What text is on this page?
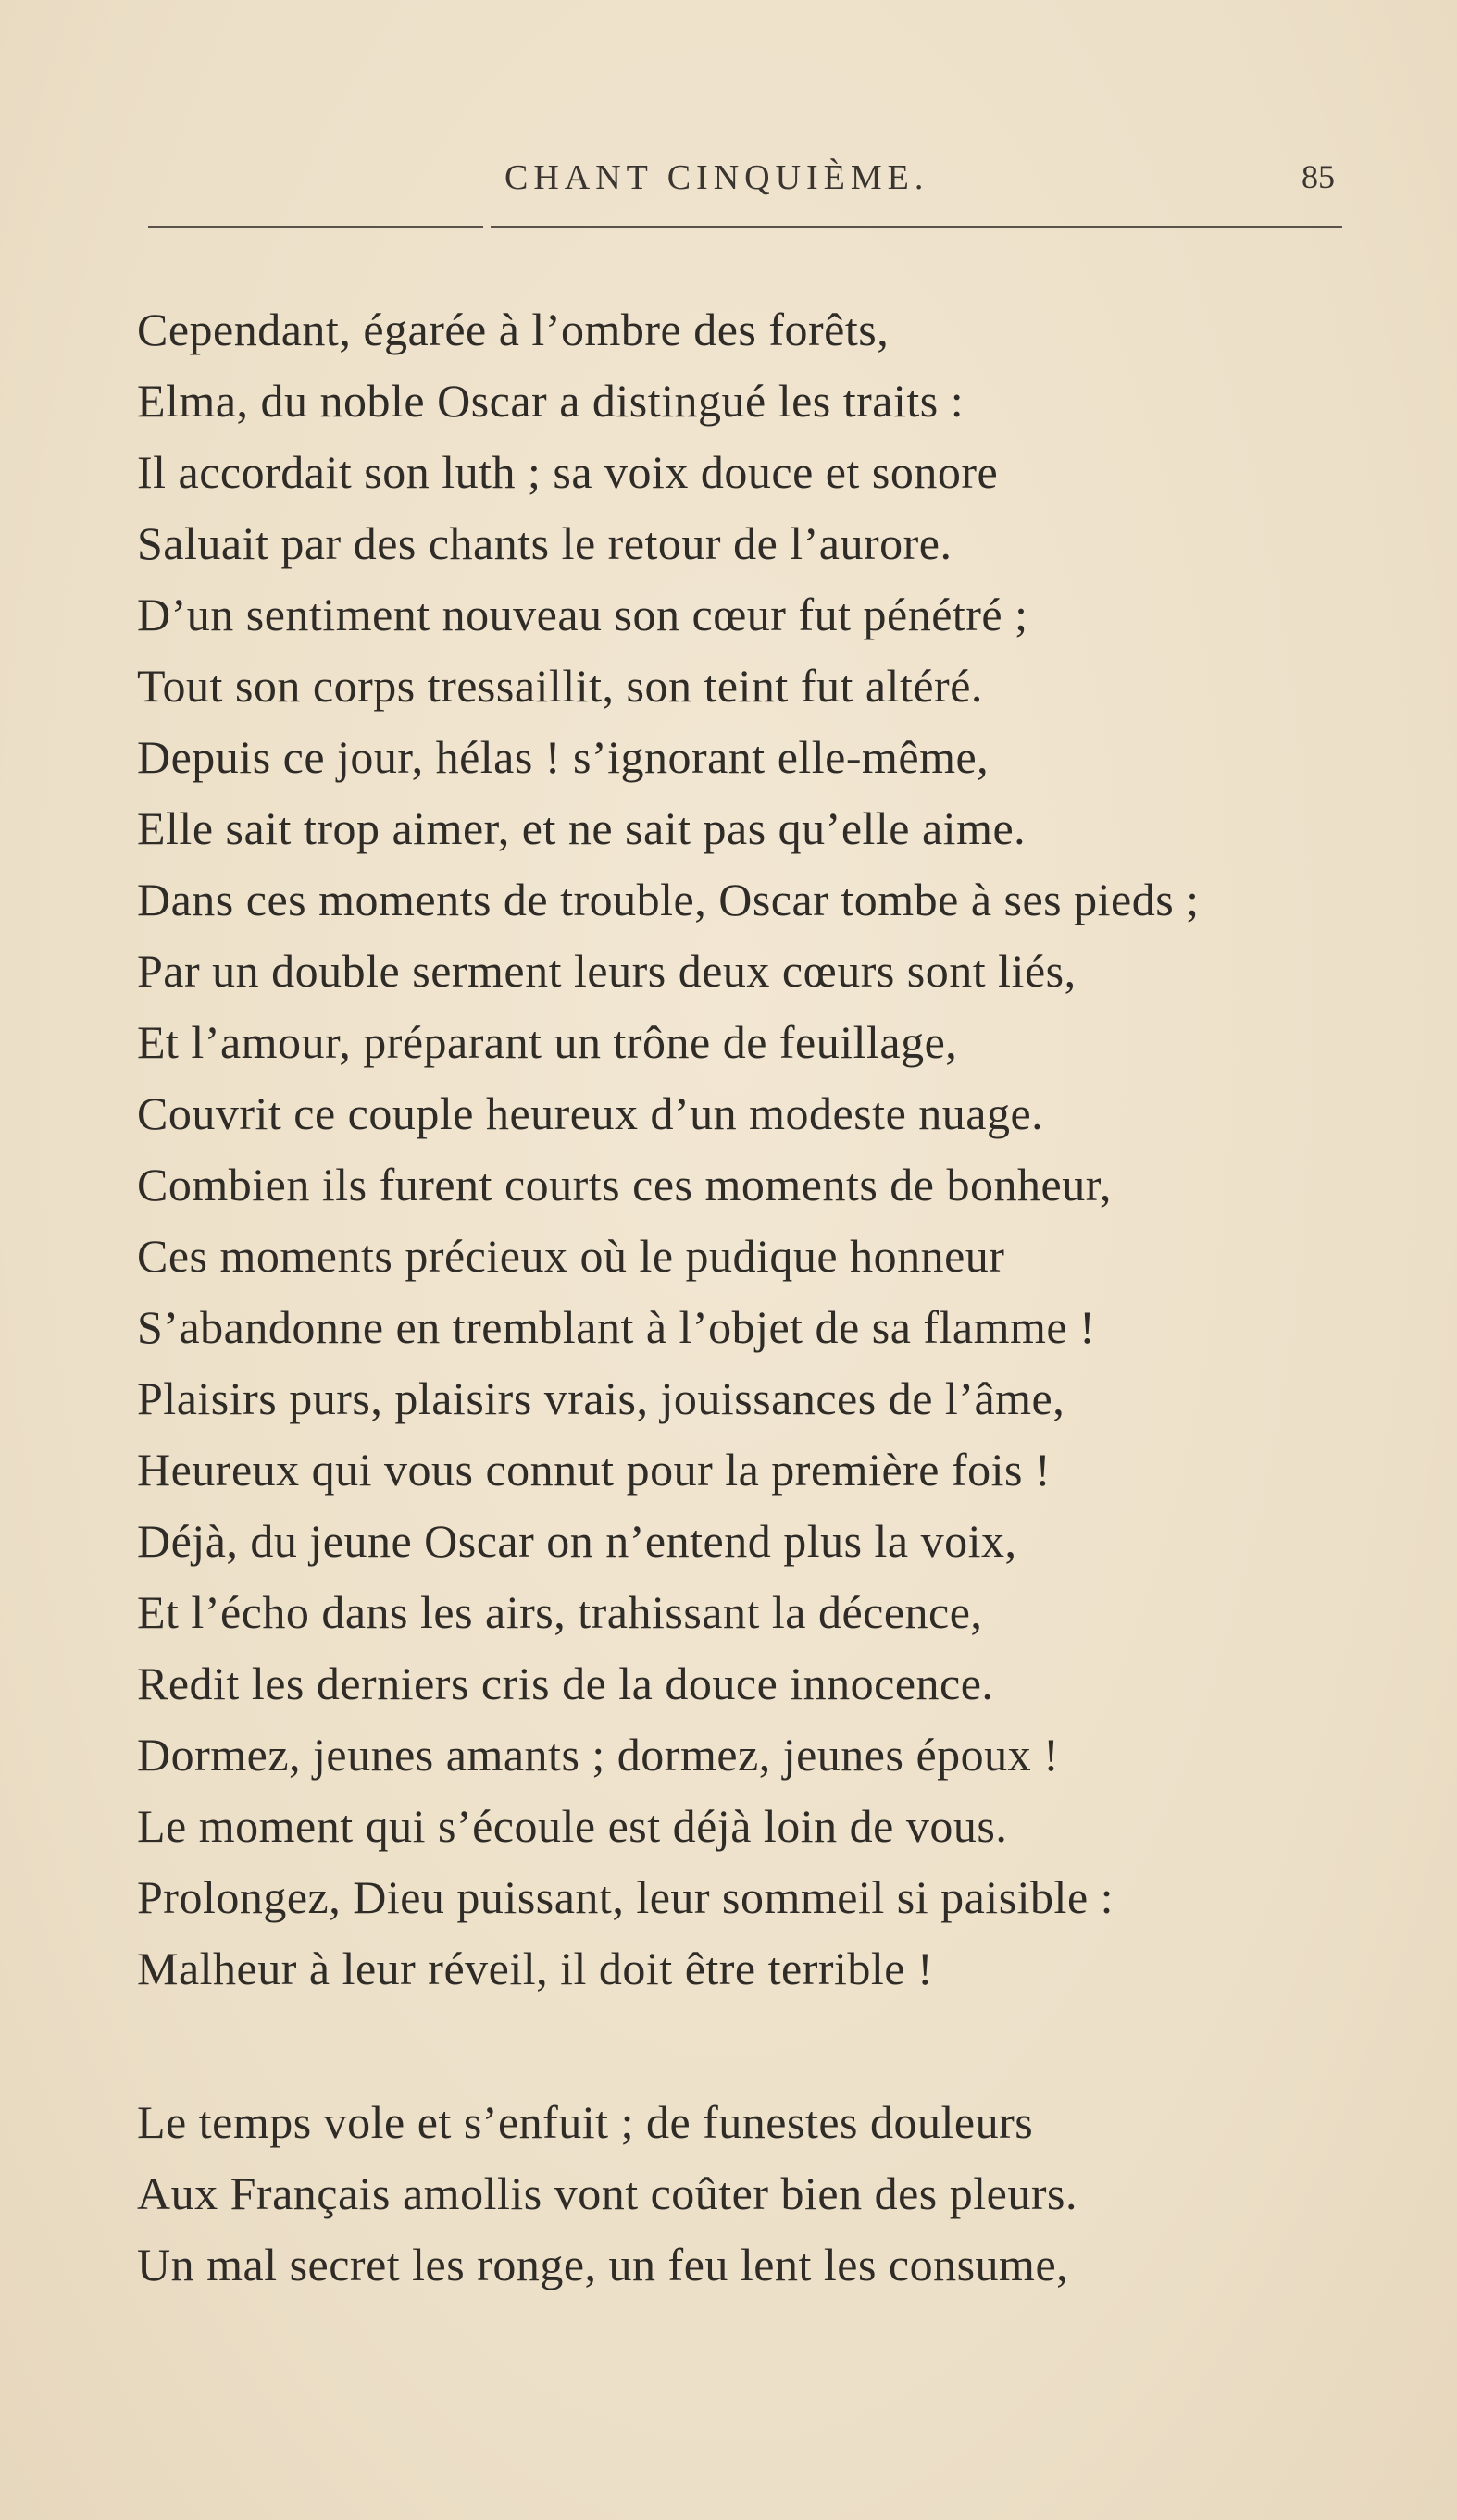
CHANT CINQUIÈME.	85
Cependant, égarée à l’ombre des forêts,
Elma, du noble Oscar a distingué les traits :
Il accordait son luth ; sa voix douce et sonore
Saluait par des chants le retour de l’aurore.
D’un sentiment nouveau son cœur fut pénétré ;
Tout son corps tressaillit, son teint fut altéré.
Depuis ce jour, hélas ! s’ignorant elle-même,
Elle sait trop aimer, et ne sait pas qu’elle aime.
Dans ces moments de trouble, Oscar tombe à ses pieds ;
Par un double serment leurs deux cœurs sont liés,
Et l’amour, préparant un trône de feuillage,
Couvrit ce couple heureux d’un modeste nuage.
Combien ils furent courts ces moments de bonheur,
Ces moments précieux où le pudique honneur
S’abandonne en tremblant à l’objet de sa flamme !
Plaisirs purs, plaisirs vrais, jouissances de l’âme,
Heureux qui vous connut pour la première fois !
Déjà, du jeune Oscar on n’entend plus la voix,
Et l’écho dans les airs, trahissant la décence,
Redit les derniers cris de la douce innocence.
Dormez, jeunes amants ; dormez, jeunes époux !
Le moment qui s’écoule est déjà loin de vous.
Prolongez, Dieu puissant, leur sommeil si paisible :
Malheur à leur réveil, il doit être terrible !
Le temps vole et s’enfuit ; de funestes douleurs
Aux Français amollis vont coûter bien des pleurs.
Un mal secret les ronge, un feu lent les consume,
